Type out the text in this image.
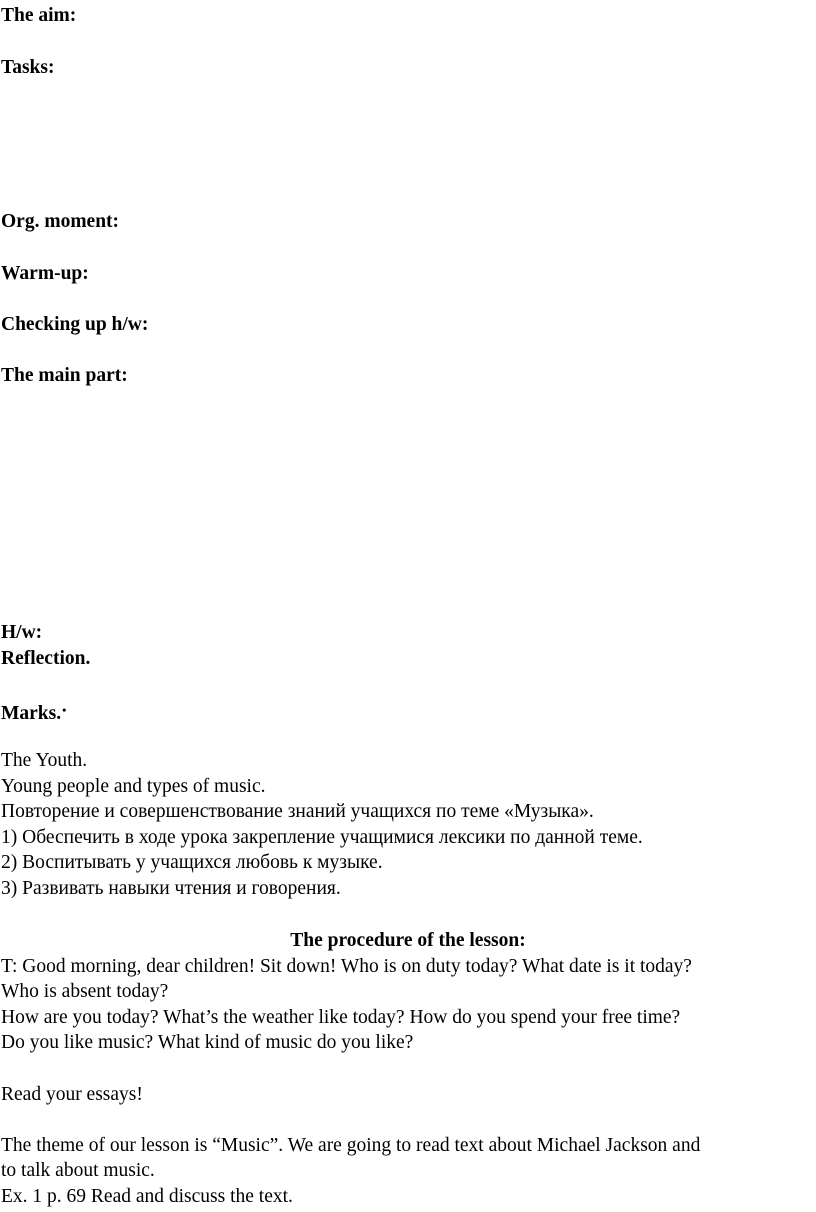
The aim:
Tasks:
Org. moment:
Warm-up:
Checking up h/w:
The main part:
H/w:
Reflection.
Marks.•
The Youth.
Young people and types of music.
Повторение и совершенствование знаний учащихся по теме «Музыка».
1) Обеспечить в ходе урока закрепление учащимися лексики по данной теме.
2) Воспитывать у учащихся любовь к музыке.
3) Развивать навыки чтения и говорения.
The procedure of the lesson:
T: Good morning, dear children! Sit down! Who is on duty today? What date is it today?
Who is absent today?
How are you today? What’s the weather like today? How do you spend your free time?
Do you like music? What kind of music do you like?
Read your essays!
The theme of our lesson is “Music”. We are going to read text about Michael Jackson and
to talk about music.
Ex. 1 p. 69 Read and discuss the text.
